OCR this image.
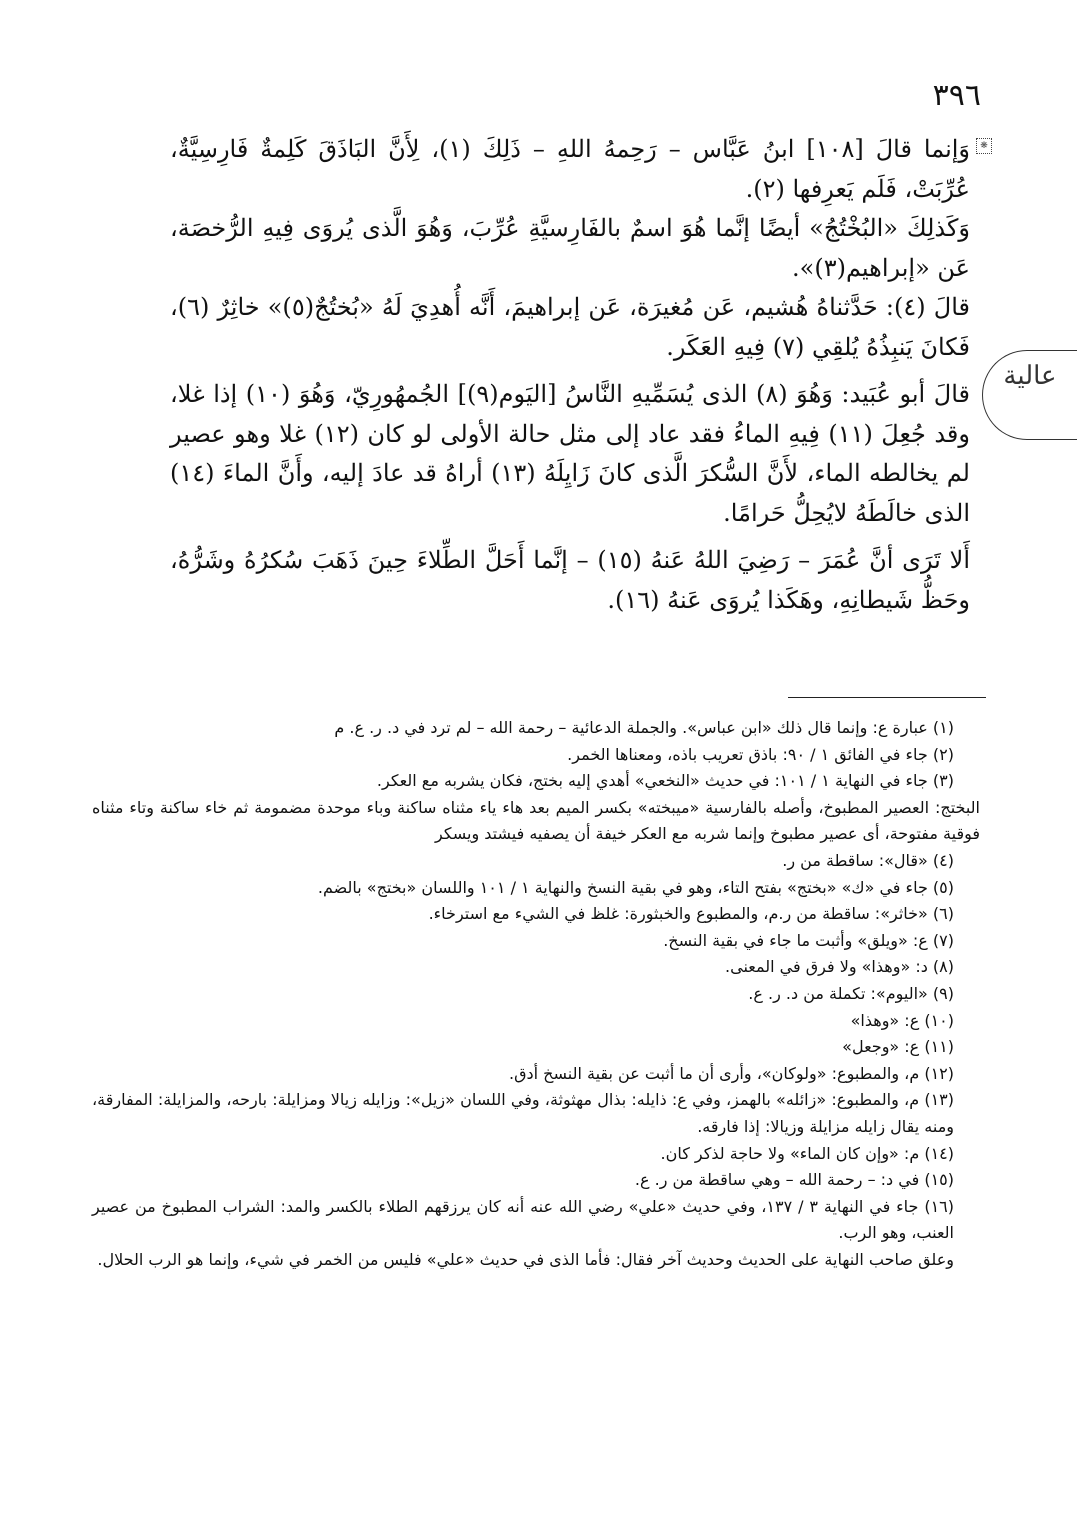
٣٩٦
❋
عالية

وَإنما قالَ [١٠٨] ابنُ عَبَّاس – رَحِمهُ اللهِ – ذَلِكَ (١)، لِأَنَّ البَاذَقَ كَلِمةٌ فَارِسِيَّةٌ، عُرِّبَتْ، فَلَم يَعرِفها (٢).

وَكَذلِكَ «البُخْتُجُ» أيضًا إنَّما هُوَ اسمٌ بالفَارِسيَّةِ عُرِّبَ، وَهُوَ الَّذى يُروَى فِيهِ الرُّخصَة، عَن «إبراهيم(٣)».

قالَ (٤): حَدَّثناهُ هُشيم، عَن مُغيرَة، عَن إبراهيمَ، أَنَّه أُهدِيَ لَهُ «بُختُجٌ(٥)» خاثِرٌ (٦)، فَكانَ يَنبِذُهُ يُلقِي (٧) فِيهِ العَكَر.

قالَ أبو عُبَيد: وَهُوَ (٨) الذى يُسَمِّيهِ النَّاسُ [اليَوم(٩)] الجُمهُورِيّ، وَهُوَ (١٠) إذا غلا، وقد جُعِلَ (١١) فِيهِ الماءُ فقد عاد إلى مثل حالة الأولى لو كان (١٢) غلا وهو عصير لم يخالطه الماء، لأَنَّ السُّكرَ الَّذى كانَ زَايِلَهُ (١٣) أراهُ قد عادَ إليه، وأَنَّ الماءَ (١٤) الذى خالَطَهُ لايُحِلُّ حَرامًا.

أَلا تَرَى أنَّ عُمَرَ – رَضِيَ اللهُ عَنهُ (١٥) – إنَّما أَحَلَّ الطِّلاءَ حِينَ ذَهَبَ سُكرُهُ وشَرُّهُ، وحَظُّ شَيطانِهِ، وهَكَذا يُروَى عَنهُ (١٦).

(١) عبارة ع: وإنما قال ذلك «ابن عباس». والجملة الدعائية – رحمة الله – لم ترد في د. ر. ع. م

(٢) جاء في الفائق ١ / ٩٠: باذق تعريب باذه، ومعناها الخمر.

(٣) جاء في النهاية ١ / ١٠١: في حديث «النخعي» أهدي إليه بختج، فكان يشربه مع العكر.

البختج: العصير المطبوخ، وأصله بالفارسية «ميبخته» بكسر الميم بعد هاء ياء مثناه ساكنة وباء موحدة مضمومة ثم خاء ساكنة وتاء مثناه فوقية مفتوحة، أى عصير مطبوخ وإنما شربه مع العكر خيفة أن يصفيه فيشتد ويسكر

(٤) «قال»: ساقطة من ر.

(٥) جاء في «ك» «بختج» بفتح التاء، وهو في بقية النسخ والنهاية ١ / ١٠١ واللسان «بختج» بالضم.

(٦) «خاثر»: ساقطة من ر.م، والمطبوع والخبثورة: غلظ في الشيء مع استرخاء.

(٧) ع: «ويلق» وأثبت ما جاء في بقية النسخ.

(٨) د: «وهذا» ولا فرق في المعنى.

(٩) «اليوم»: تكملة من د. ر. ع.

(١٠) ع: «وهذا»

(١١) ع: «وجعل»

(١٢) م، والمطبوع: «ولوكان»، وأرى أن ما أثبت عن بقية النسخ أدق.

(١٣) م، والمطبوع: «زائله» بالهمز، وفي ع: ذايله: بذال مهثوثة، وفي اللسان «زيل»: وزايله زيالا ومزايلة: بارحه، والمزايلة: المفارقة، ومنه يقال زايله مزايلة وزيالا: إذا فارقه.

(١٤) م: «وإن كان الماء» ولا حاجة لذكر كان.

(١٥) في د: – رحمة الله – وهي ساقطة من ر. ع.

(١٦) جاء في النهاية ٣ / ١٣٧، وفي حديث «علي» رضي الله عنه أنه كان يرزقهم الطلاء بالكسر والمد: الشراب المطبوخ من عصير العنب، وهو الرب.

وعلق صاحب النهاية على الحديث وحديث آخر فقال: فأما الذى في حديث «علي» فليس من الخمر في شيء، وإنما هو الرب الحلال.
